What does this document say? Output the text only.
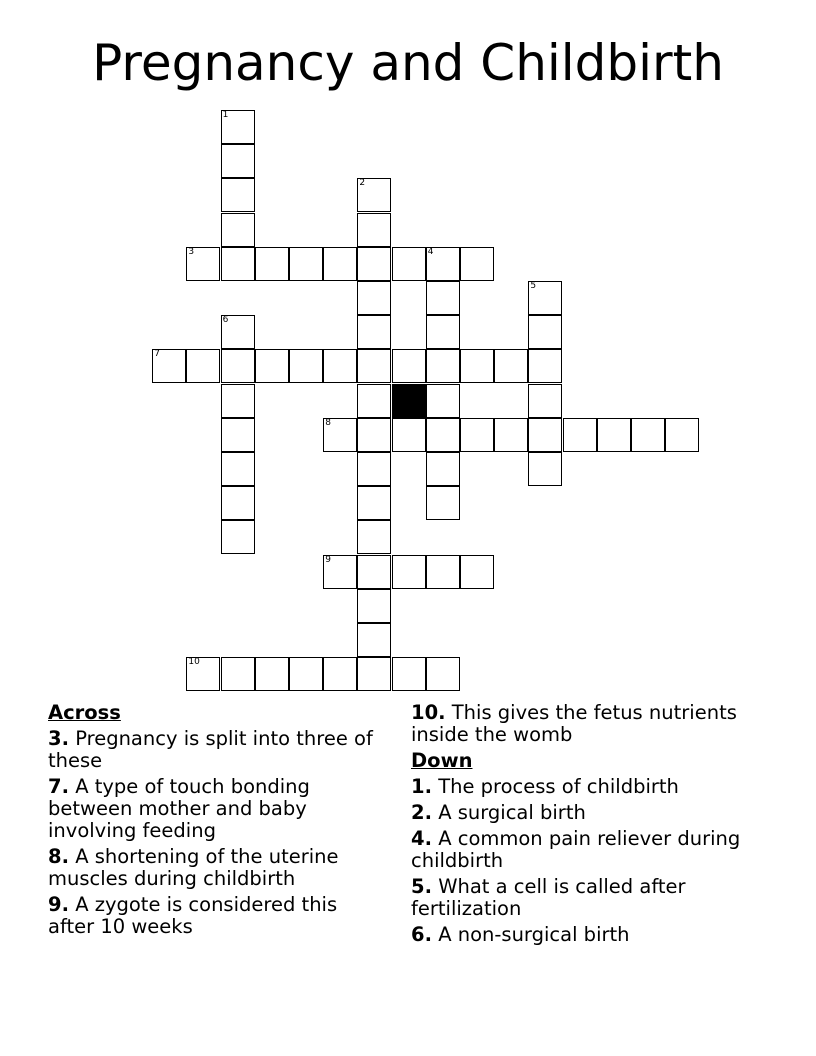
Pregnancy and Childbirth
1
2
3	4
5
6
7
8
9
10
Across
3. Pregnancy is split into three of these
7. A type of touch bonding between mother and baby involving feeding
8. A shortening of the uterine muscles during childbirth
9. A zygote is considered this after 10 weeks
10. This gives the fetus nutrients inside the womb
Down
1. The process of childbirth
2. A surgical birth
4. A common pain reliever during childbirth
5. What a cell is called after fertilization
6. A non-surgical birth
